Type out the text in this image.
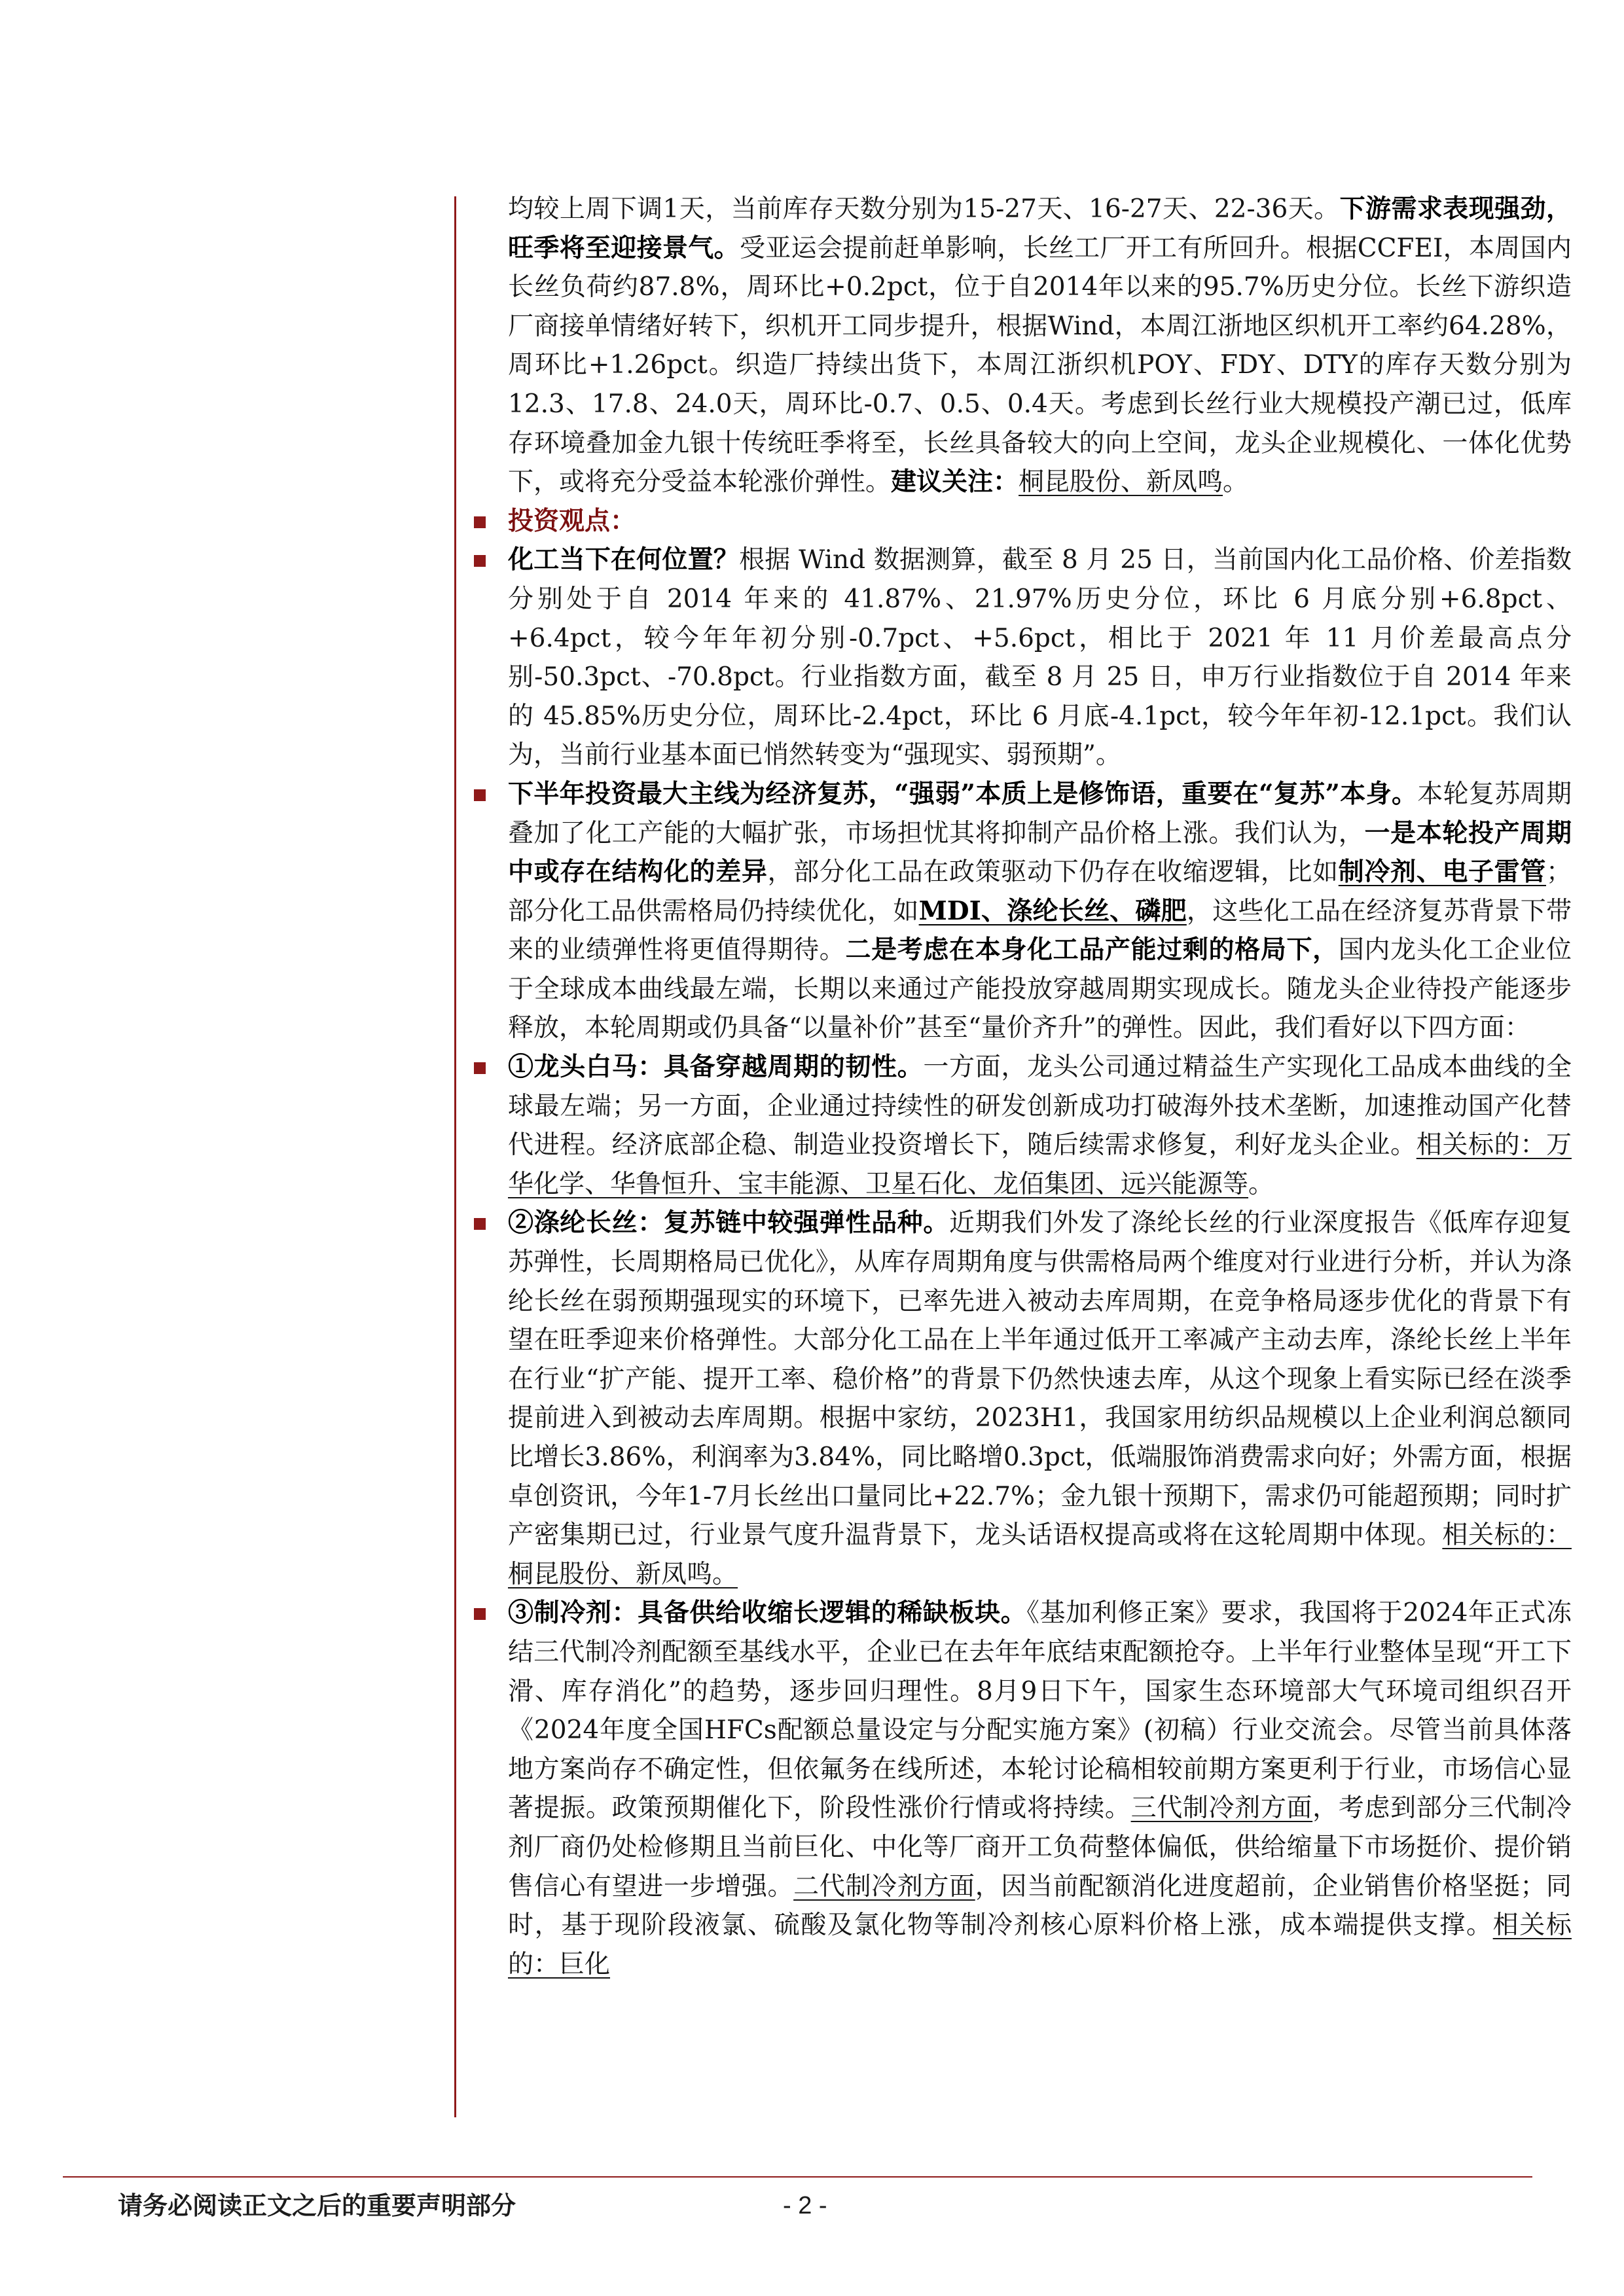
均较上周下调1天，当前库存天数分别为15-27天、16-27天、22-36天。下游需求表现强劲，旺季将至迎接景气。受亚运会提前赶单影响，长丝工厂开工有所回升。根据CCFEI，本周国内长丝负荷约87.8%，周环比+0.2pct，位于自2014年以来的95.7%历史分位。长丝下游织造厂商接单情绪好转下，织机开工同步提升，根据Wind，本周江浙地区织机开工率约64.28%，周环比+1.26pct。织造厂持续出货下，本周江浙织机POY、FDY、DTY的库存天数分别为12.3、17.8、24.0天，周环比-0.7、0.5、0.4天。考虑到长丝行业大规模投产潮已过，低库存环境叠加金九银十传统旺季将至，长丝具备较大的向上空间，龙头企业规模化、一体化优势下，或将充分受益本轮涨价弹性。建议关注：桐昆股份、新凤鸣。

投资观点：

化工当下在何位置？根据 Wind 数据测算，截至 8 月 25 日，当前国内化工品价格、价差指数分别处于自 2014 年来的 41.87%、21.97%历史分位，环比 6 月底分别+6.8pct、+6.4pct，较今年年初分别-0.7pct、+5.6pct，相比于 2021 年 11 月价差最高点分别-50.3pct、-70.8pct。行业指数方面，截至 8 月 25 日，申万行业指数位于自 2014 年来的 45.85%历史分位，周环比-2.4pct，环比 6 月底-4.1pct，较今年年初-12.1pct。我们认为，当前行业基本面已悄然转变为“强现实、弱预期”。

下半年投资最大主线为经济复苏，“强弱”本质上是修饰语，重要在“复苏”本身。本轮复苏周期叠加了化工产能的大幅扩张，市场担忧其将抑制产品价格上涨。我们认为，一是本轮投产周期中或存在结构化的差异，部分化工品在政策驱动下仍存在收缩逻辑，比如制冷剂、电子雷管；部分化工品供需格局仍持续优化，如MDI、涤纶长丝、磷肥，这些化工品在经济复苏背景下带来的业绩弹性将更值得期待。二是考虑在本身化工品产能过剩的格局下，国内龙头化工企业位于全球成本曲线最左端，长期以来通过产能投放穿越周期实现成长。随龙头企业待投产能逐步释放，本轮周期或仍具备“以量补价”甚至“量价齐升”的弹性。因此，我们看好以下四方面：

①龙头白马：具备穿越周期的韧性。一方面，龙头公司通过精益生产实现化工品成本曲线的全球最左端；另一方面，企业通过持续性的研发创新成功打破海外技术垄断，加速推动国产化替代进程。经济底部企稳、制造业投资增长下，随后续需求修复，利好龙头企业。相关标的：万华化学、华鲁恒升、宝丰能源、卫星石化、龙佰集团、远兴能源等。

②涤纶长丝：复苏链中较强弹性品种。近期我们外发了涤纶长丝的行业深度报告《低库存迎复苏弹性，长周期格局已优化》，从库存周期角度与供需格局两个维度对行业进行分析，并认为涤纶长丝在弱预期强现实的环境下，已率先进入被动去库周期，在竞争格局逐步优化的背景下有望在旺季迎来价格弹性。大部分化工品在上半年通过低开工率减产主动去库，涤纶长丝上半年在行业“扩产能、提开工率、稳价格”的背景下仍然快速去库，从这个现象上看实际已经在淡季提前进入到被动去库周期。根据中家纺，2023H1，我国家用纺织品规模以上企业利润总额同比增长3.86%，利润率为3.84%，同比略增0.3pct，低端服饰消费需求向好；外需方面，根据卓创资讯，今年1-7月长丝出口量同比+22.7%；金九银十预期下，需求仍可能超预期；同时扩产密集期已过，行业景气度升温背景下，龙头话语权提高或将在这轮周期中体现。相关标的：桐昆股份、新凤鸣。

③制冷剂：具备供给收缩长逻辑的稀缺板块。《基加利修正案》要求，我国将于2024年正式冻结三代制冷剂配额至基线水平，企业已在去年年底结束配额抢夺。上半年行业整体呈现“开工下滑、库存消化”的趋势，逐步回归理性。8月9日下午，国家生态环境部大气环境司组织召开《2024年度全国HFCs配额总量设定与分配实施方案》(初稿）行业交流会。尽管当前具体落地方案尚存不确定性，但依氟务在线所述，本轮讨论稿相较前期方案更利于行业，市场信心显著提振。政策预期催化下，阶段性涨价行情或将持续。三代制冷剂方面，考虑到部分三代制冷剂厂商仍处检修期且当前巨化、中化等厂商开工负荷整体偏低，供给缩量下市场挺价、提价销售信心有望进一步增强。二代制冷剂方面，因当前配额消化进度超前，企业销售价格坚挺；同时，基于现阶段液氯、硫酸及氯化物等制冷剂核心原料价格上涨，成本端提供支撑。相关标的：巨化

请务必阅读正文之后的重要声明部分	- 2 -
